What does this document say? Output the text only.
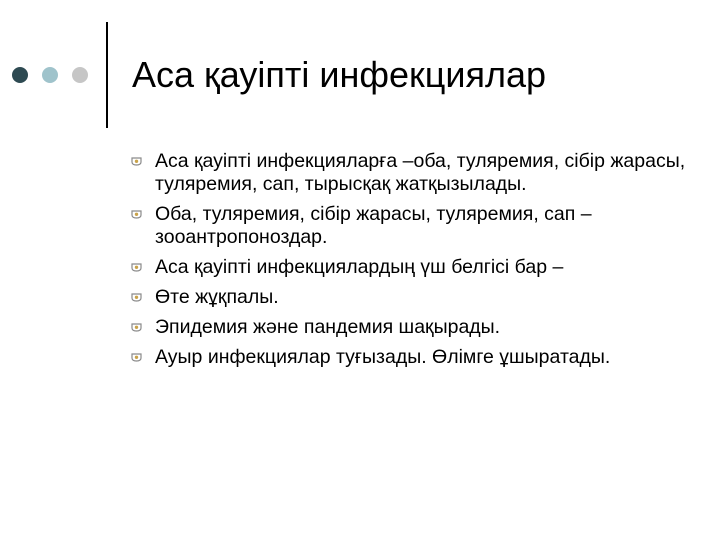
Аса қауіпті инфекциялар
Аса қауіпті инфекцияларға –оба, туляремия, сібір жарасы, туляремия, сап, тырысқақ жатқызылады.
Оба, туляремия, сібір жарасы, туляремия, сап – зооантропоноздар.
Аса қауіпті инфекциялардың үш белгісі бар –
Өте жұқпалы.
Эпидемия және пандемия шақырады.
Ауыр инфекциялар туғызады. Өлімге ұшыратады.
